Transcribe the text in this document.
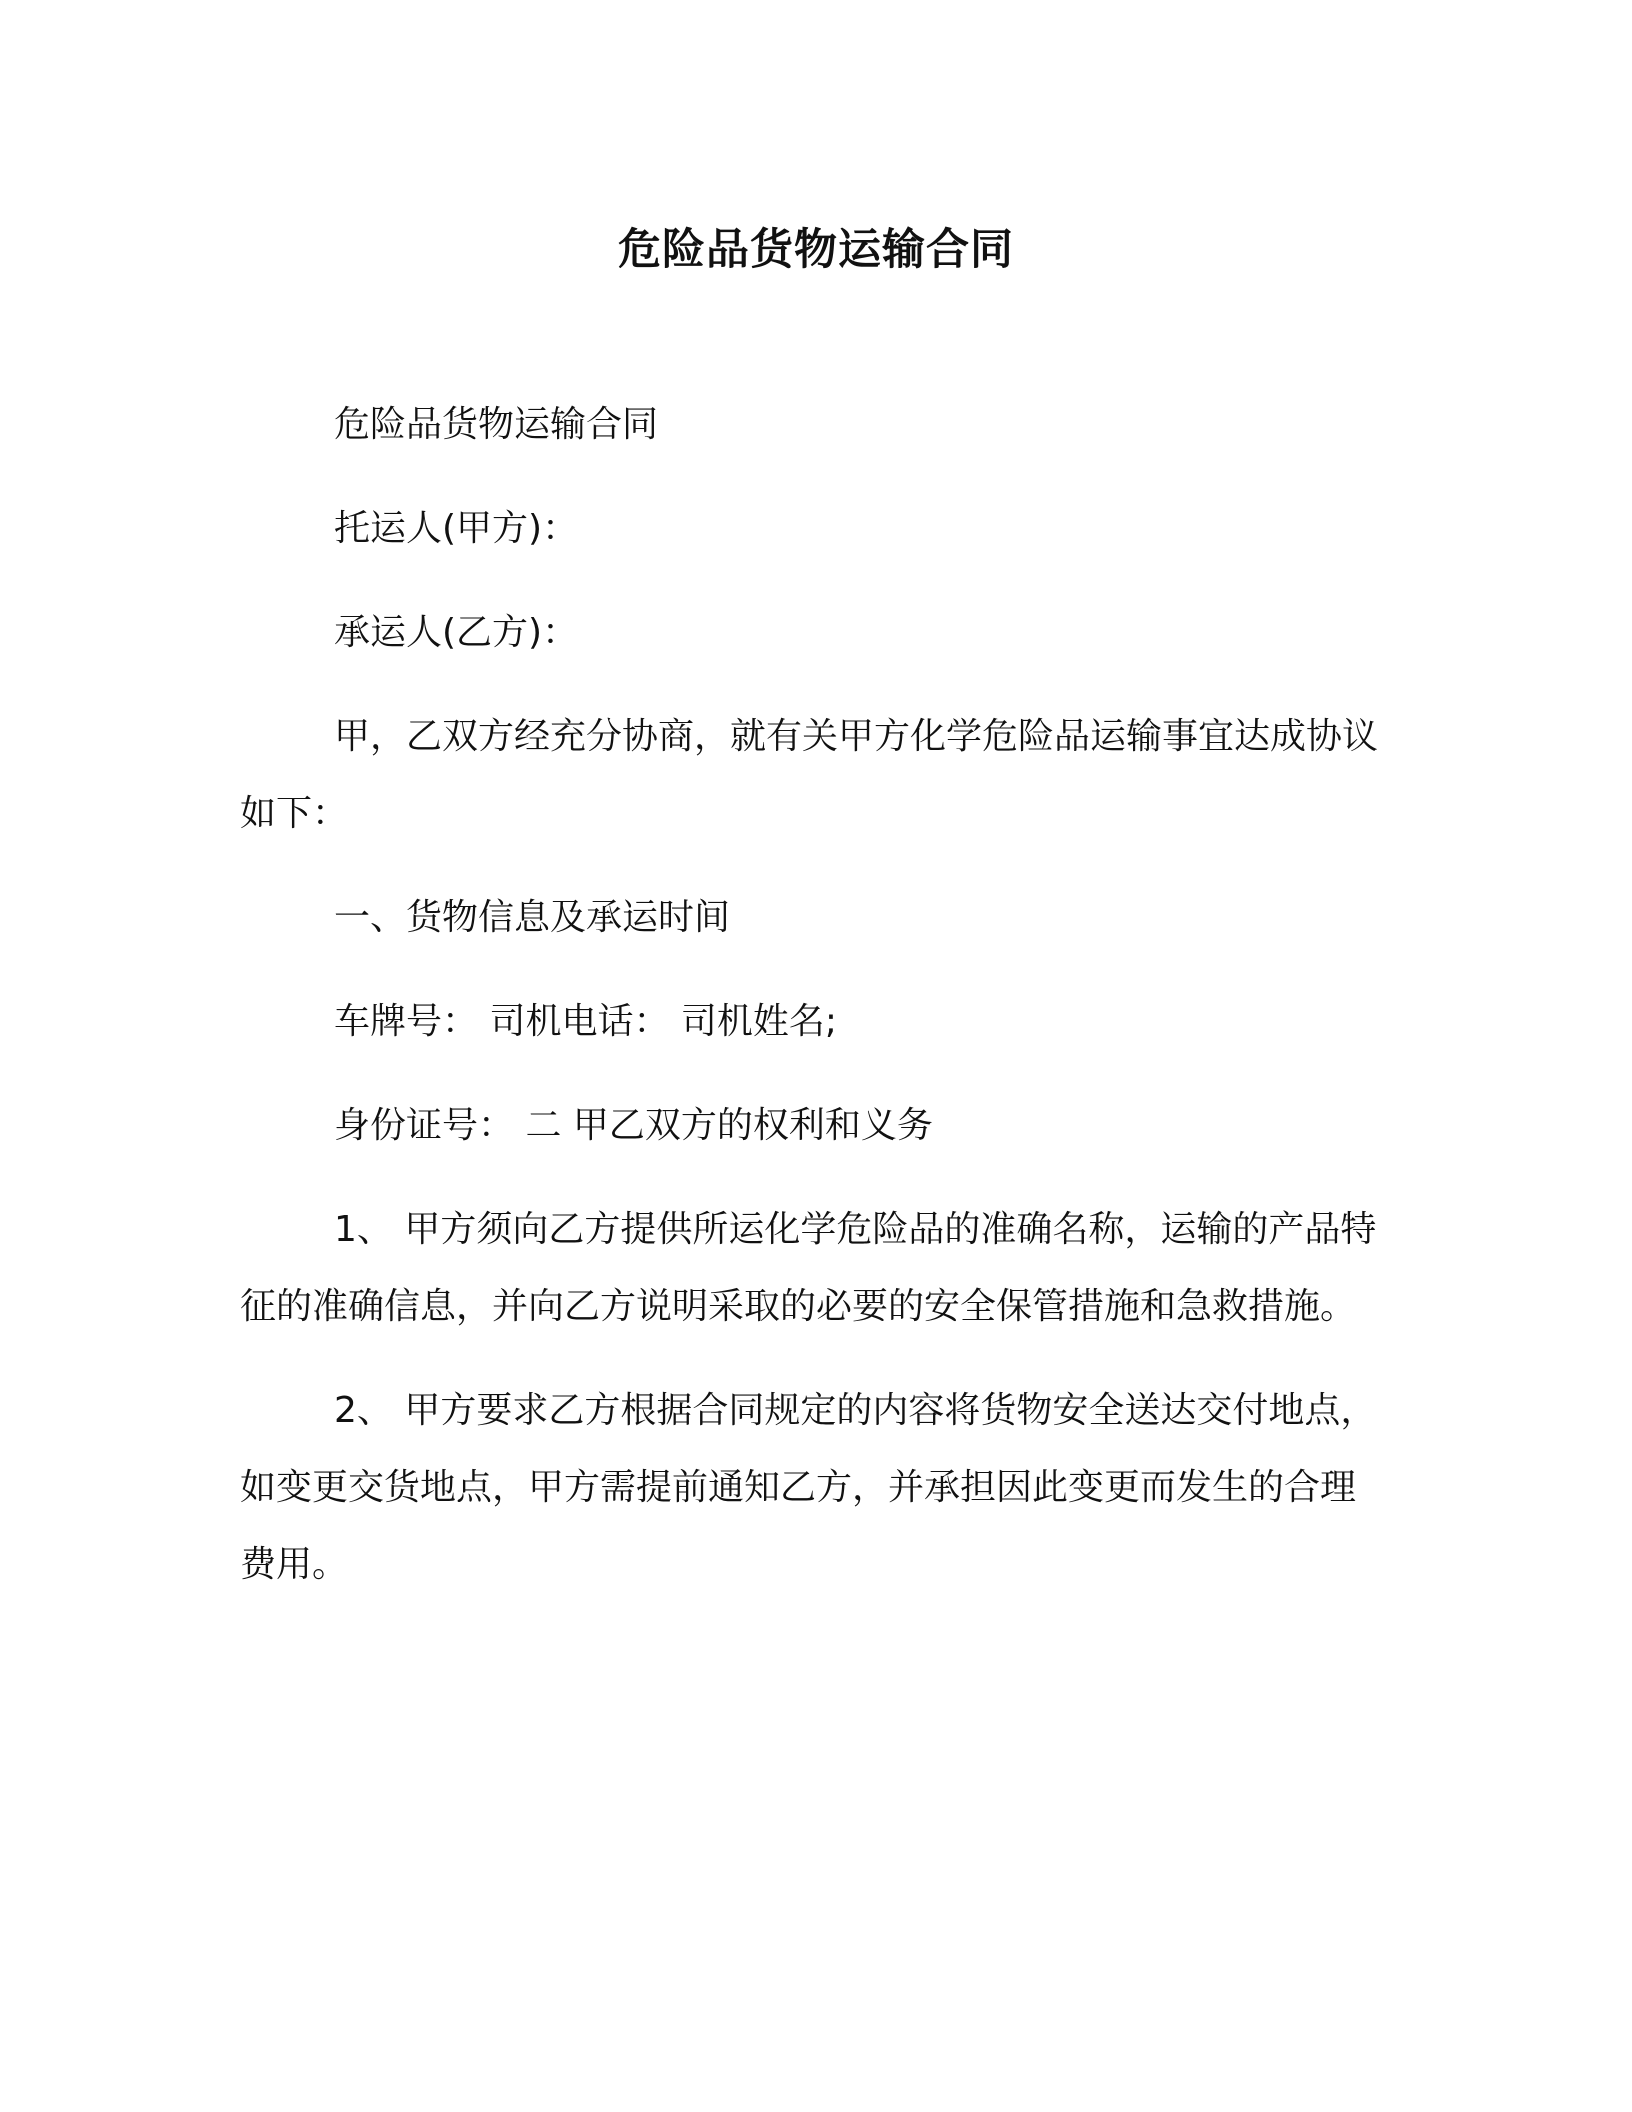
危险品货物运输合同

危险品货物运输合同

托运人(甲方)：

承运人(乙方)：

甲，乙双方经充分协商，就有关甲方化学危险品运输事宜达成协议如下：

一、货物信息及承运时间

车牌号： 司机电话： 司机姓名;

身份证号： 二 甲乙双方的权利和义务

1、 甲方须向乙方提供所运化学危险品的准确名称，运输的产品特征的准确信息，并向乙方说明采取的必要的安全保管措施和急救措施。

2、 甲方要求乙方根据合同规定的内容将货物安全送达交付地点，如变更交货地点，甲方需提前通知乙方，并承担因此变更而发生的合理费用。
